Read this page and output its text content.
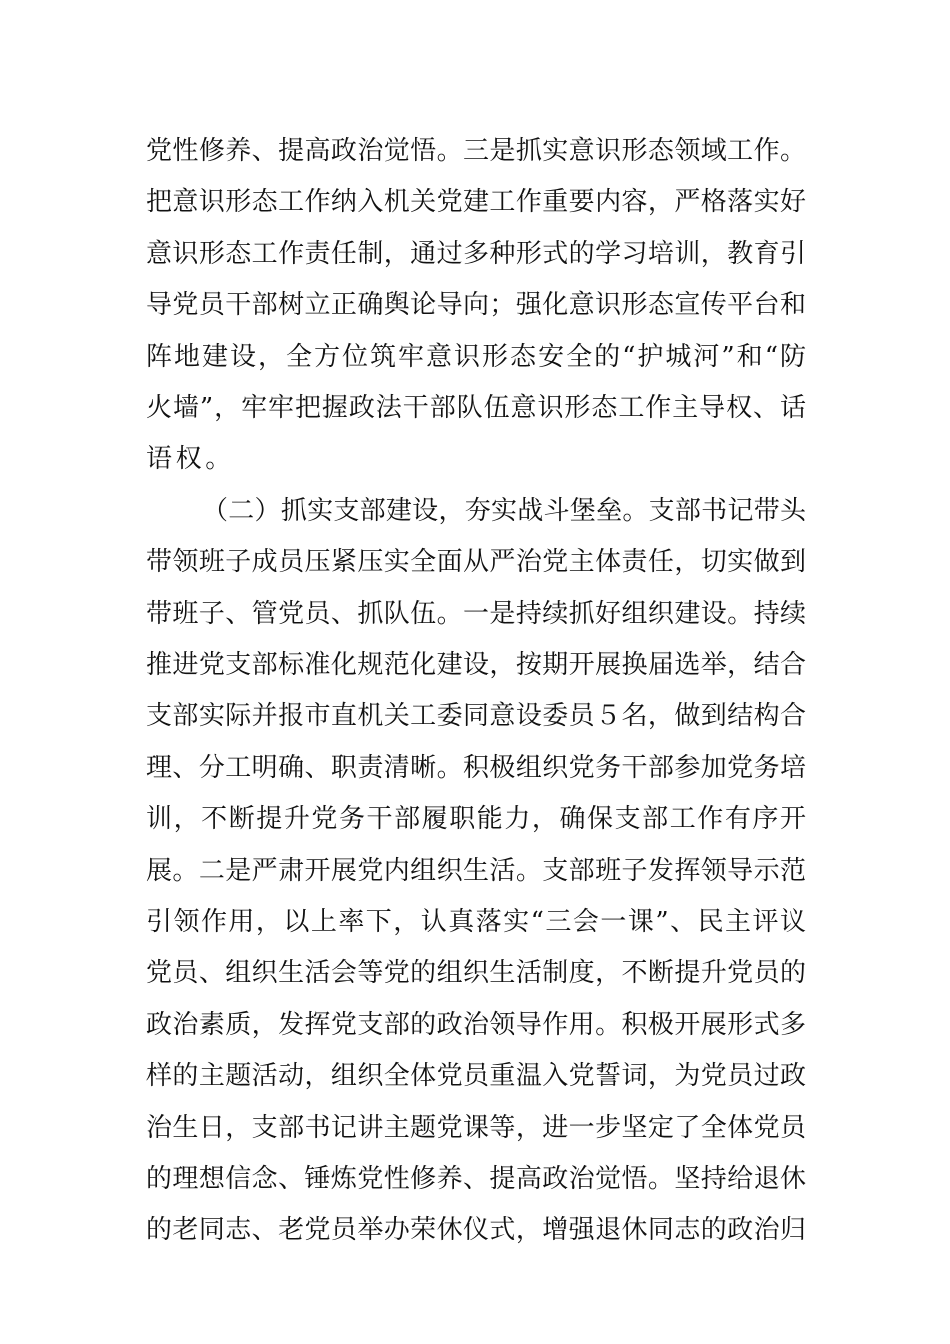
党性修养、提高政治觉悟。三是抓实意识形态领域工作。
把意识形态工作纳入机关党建工作重要内容，严格落实好
意识形态工作责任制，通过多种形式的学习培训，教育引
导党员干部树立正确舆论导向；强化意识形态宣传平台和
阵地建设，全方位筑牢意识形态安全的“护城河”和“防
火墙”，牢牢把握政法干部队伍意识形态工作主导权、话
语权。
（二）抓实支部建设，夯实战斗堡垒。支部书记带头
带领班子成员压紧压实全面从严治党主体责任，切实做到
带班子、管党员、抓队伍。一是持续抓好组织建设。持续
推进党支部标准化规范化建设，按期开展换届选举，结合
支部实际并报市直机关工委同意设委员５名，做到结构合
理、分工明确、职责清晰。积极组织党务干部参加党务培
训，不断提升党务干部履职能力，确保支部工作有序开
展。二是严肃开展党内组织生活。支部班子发挥领导示范
引领作用，以上率下，认真落实“三会一课”、民主评议
党员、组织生活会等党的组织生活制度，不断提升党员的
政治素质，发挥党支部的政治领导作用。积极开展形式多
样的主题活动，组织全体党员重温入党誓词，为党员过政
治生日，支部书记讲主题党课等，进一步坚定了全体党员
的理想信念、锤炼党性修养、提高政治觉悟。坚持给退休
的老同志、老党员举办荣休仪式，增强退休同志的政治归
